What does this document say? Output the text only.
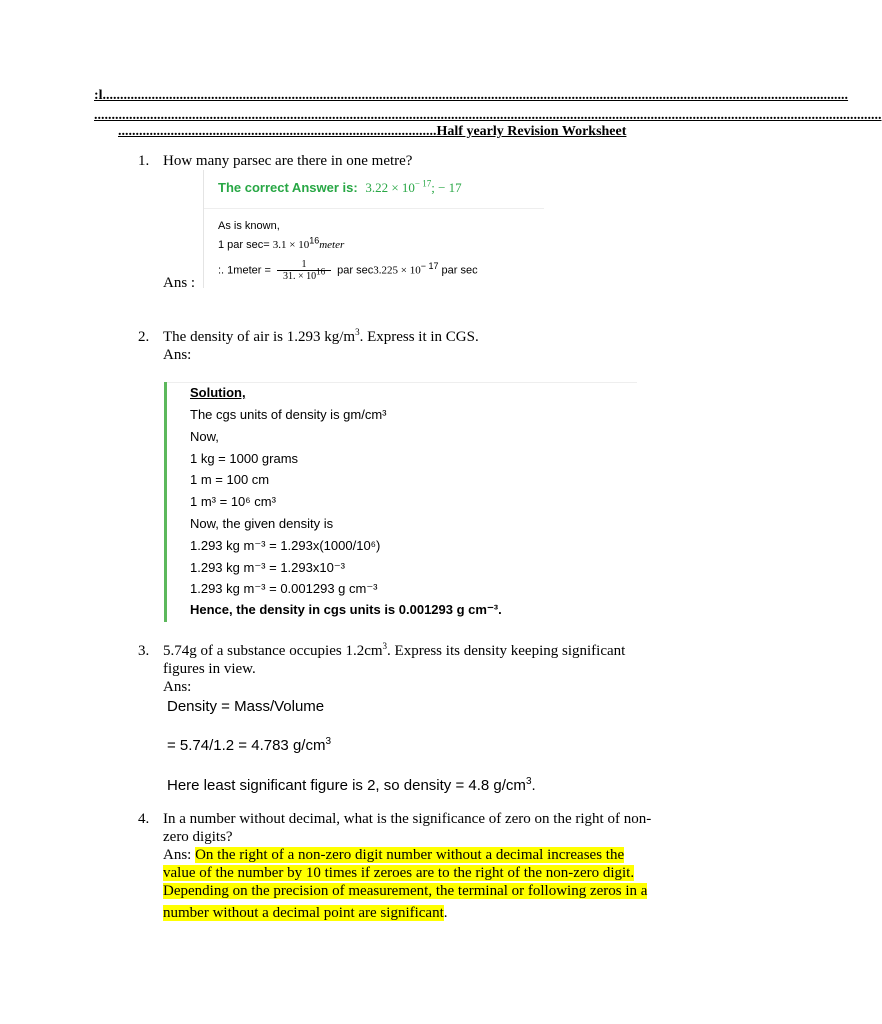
:l.....................................................................................................................................................................................................................
.................................................................................................................................................................................................................................
...........................................................................................Half yearly Revision Worksheet
1. How many parsec are there in one metre?
Ans :
The correct Answer is: $3.22 \times 10^{- 17}$; − 17
As is known,
1 par $\sec= 3.1 \times 10^{16}meter$
:. 1meter = $\frac{1}{31. \times 10^{16}}$ par $\sec 3.225 \times 10^{- 17}$ par sec
2. The density of air is 1.293 $kg/m^3$. Express it in CGS.
Ans:
Solution,
The cgs units of density is gm/cm³
Now,
1 kg = 1000 grams
1 m = 100 cm
1 m³ = 10⁶ cm³
Now, the given density is
1.293 kg m⁻³ = 1.293x(1000/10⁶)
1.293 kg m⁻³ = 1.293x10⁻³
1.293 kg m⁻³ = 0.001293 g cm⁻³
Hence, the density in cgs units is 0.001293 g cm⁻³.
3. 5.74g of a substance occupies $1.2cm^3$. Express its density keeping significant
figures in view.
Ans:
Density = Mass/Volume
= 5.74/1.2 = 4.783 $g/cm^3$
Here least significant figure is 2, so density = 4.8 $g/cm^3$.
4. In a number without decimal, what is the significance of zero on the right of non-
zero digits?
Ans: On the right of a non-zero digit number without a decimal increases the
value of the number by 10 times if zeroes are to the right of the non-zero digit.
Depending on the precision of measurement, the terminal or following zeros in a
number without a decimal point are significant.
